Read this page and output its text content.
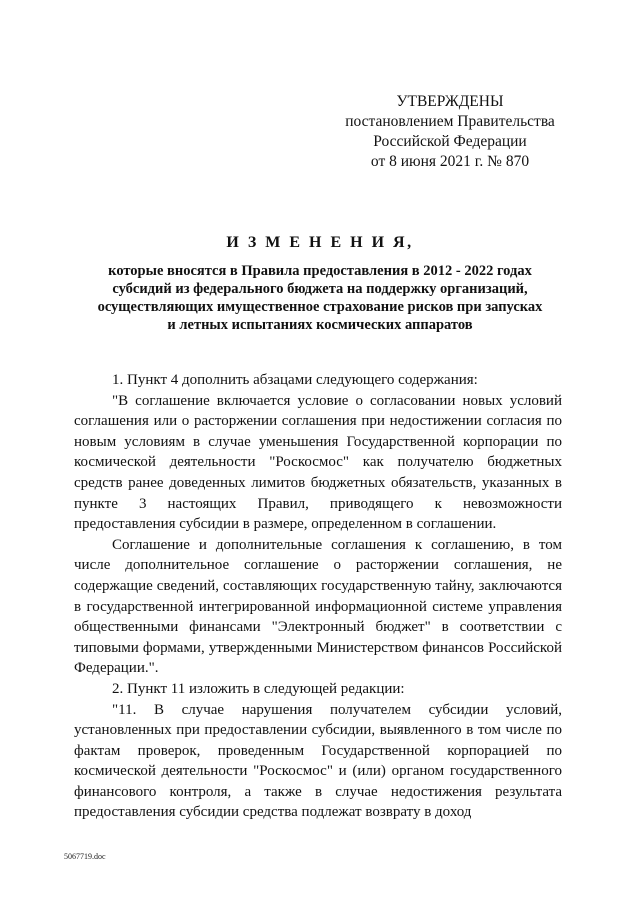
УТВЕРЖДЕНЫ
постановлением Правительства
Российской Федерации
от 8 июня 2021 г. № 870
И З М Е Н Е Н И Я,
которые вносятся в Правила предоставления в 2012 - 2022 годах
субсидий из федерального бюджета на поддержку организаций,
осуществляющих имущественное страхование рисков при запусках
и летных испытаниях космических аппаратов

1. Пункт 4 дополнить абзацами следующего содержания:

"В соглашение включается условие о согласовании новых условий соглашения или о расторжении соглашения при недостижении согласия по новым условиям в случае уменьшения Государственной корпорации по космической деятельности "Роскосмос" как получателю бюджетных средств ранее доведенных лимитов бюджетных обязательств, указанных в пункте 3 настоящих Правил, приводящего к невозможности предоставления субсидии в размере, определенном в соглашении.

Соглашение и дополнительные соглашения к соглашению, в том числе дополнительное соглашение о расторжении соглашения, не содержащие сведений, составляющих государственную тайну, заключаются в государственной интегрированной информационной системе управления общественными финансами "Электронный бюджет" в соответствии с типовыми формами, утвержденными Министерством финансов Российской Федерации.".

2. Пункт 11 изложить в следующей редакции:

"11. В случае нарушения получателем субсидии условий, установленных при предоставлении субсидии, выявленного в том числе по фактам проверок, проведенным Государственной корпорацией по космической деятельности "Роскосмос" и (или) органом государственного финансового контроля, а также в случае недостижения результата предоставления субсидии средства подлежат возврату в доход

5067719.doc
